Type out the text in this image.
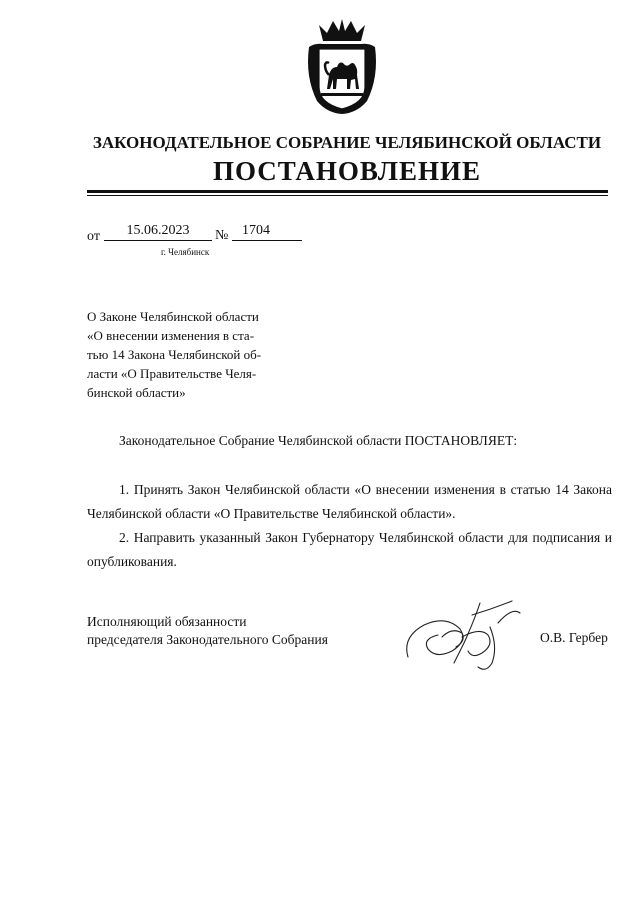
ЗАКОНОДАТЕЛЬНОЕ СОБРАНИЕ ЧЕЛЯБИНСКОЙ ОБЛАСТИ
ПОСТАНОВЛЕНИЕ
от	15.06.2023	№ 1704
г. Челябинск
О Законе Челябинской области
«О внесении изменения в ста-
тью 14 Закона Челябинской об-
ласти «О Правительстве Челя-
бинской области»
Законодательное Собрание Челябинской области ПОСТАНОВЛЯЕТ:
1. Принять Закон Челябинской области «О внесении изменения в статью 14 Закона Челябинской области «О Правительстве Челябинской области».
2. Направить указанный Закон Губернатору Челябинской области для подписания и опубликования.
Исполняющий обязанности
председателя Законодательного Собрания	О.В. Гербер
